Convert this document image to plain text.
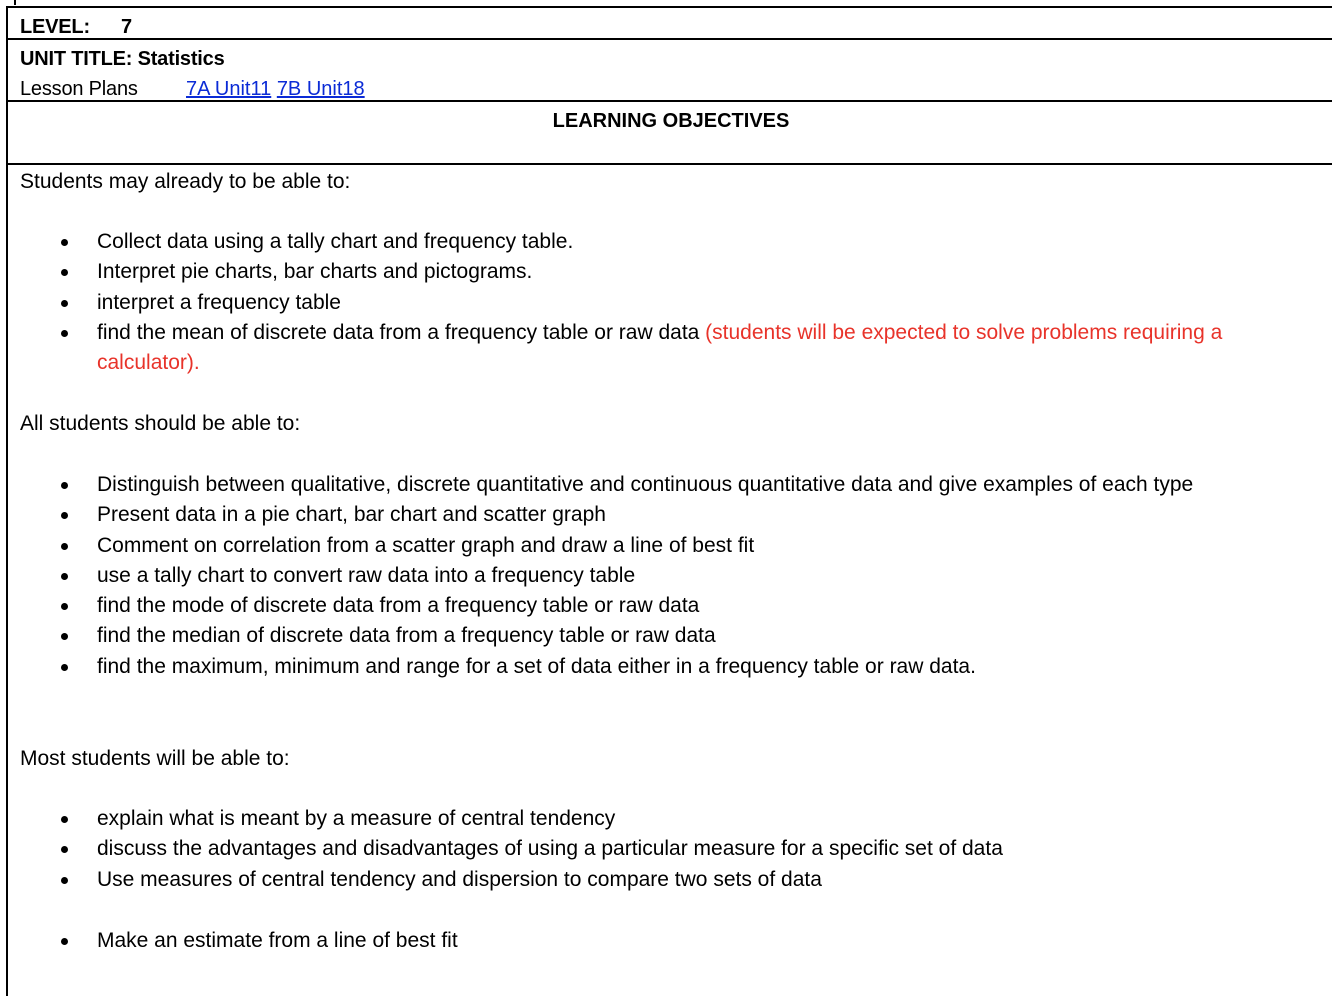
LEVEL: 7
UNIT TITLE: Statistics
Lesson Plans 7A Unit11 7B Unit18
LEARNING OBJECTIVES
Students may already to be able to:
Collect data using a tally chart and frequency table.
Interpret pie charts, bar charts and pictograms.
interpret a frequency table
find the mean of discrete data from a frequency table or raw data (students will be expected to solve problems requiring a calculator).
All students should be able to:
Distinguish between qualitative, discrete quantitative and continuous quantitative data and give examples of each type
Present data in a pie chart, bar chart and scatter graph
Comment on correlation from a scatter graph and draw a line of best fit
use a tally chart to convert raw data into a frequency table
find the mode of discrete data from a frequency table or raw data
find the median of discrete data from a frequency table or raw data
find the maximum, minimum and range for a set of data either in a frequency table or raw data.
Most students will be able to:
explain what is meant by a measure of central tendency
discuss the advantages and disadvantages of using a particular measure for a specific set of data
Use measures of central tendency and dispersion to compare two sets of data
Make an estimate from a line of best fit
